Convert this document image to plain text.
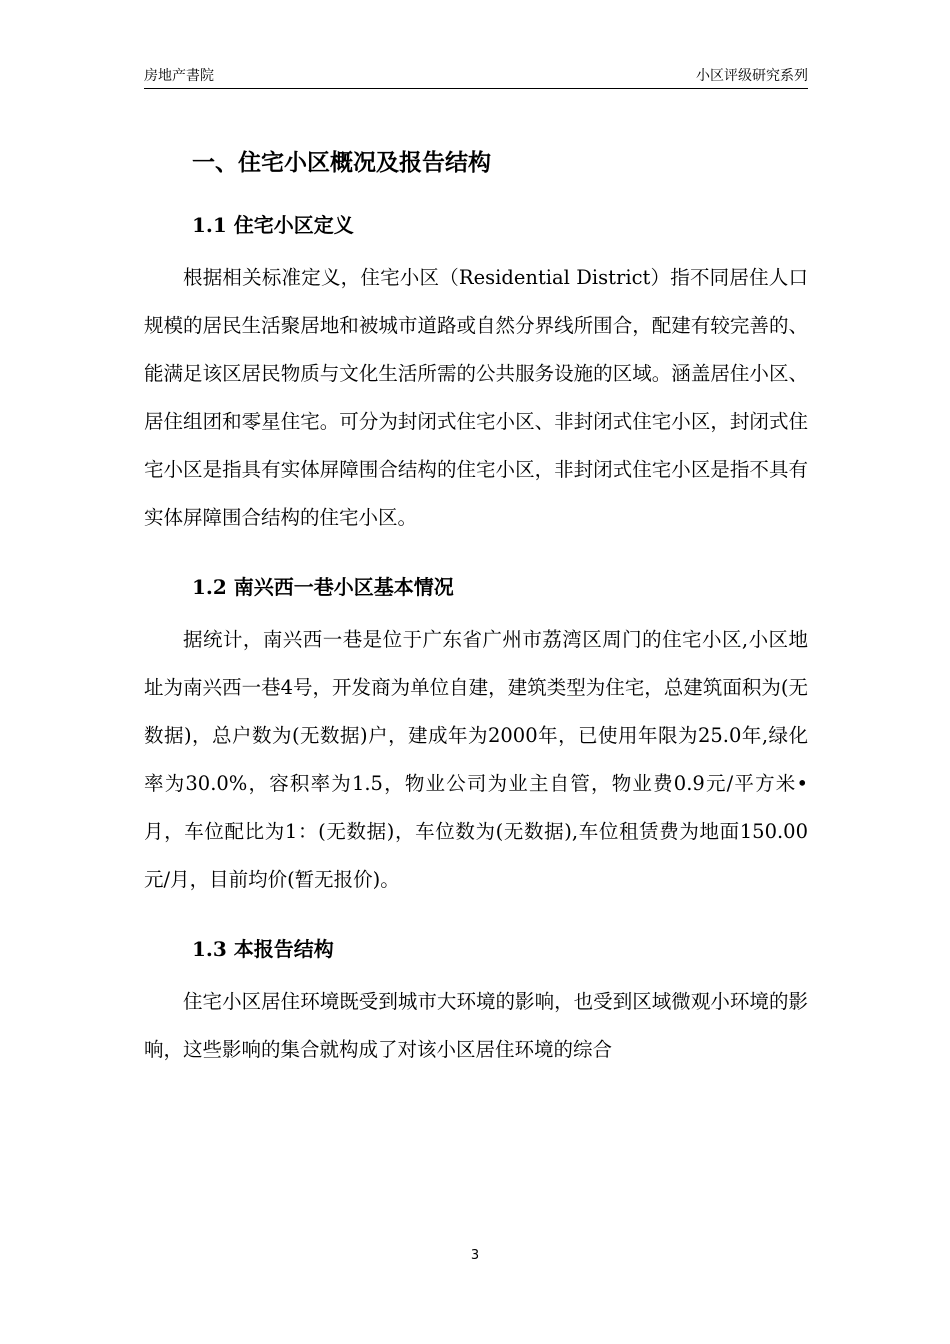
房地产書院	小区评级研究系列
一、住宅小区概况及报告结构
1.1 住宅小区定义

根据相关标准定义，住宅小区（Residential District）指不同居住人口规模的居民生活聚居地和被城市道路或自然分界线所围合，配建有较完善的、能满足该区居民物质与文化生活所需的公共服务设施的区域。涵盖居住小区、居住组团和零星住宅。可分为封闭式住宅小区、非封闭式住宅小区，封闭式住宅小区是指具有实体屏障围合结构的住宅小区，非封闭式住宅小区是指不具有实体屏障围合结构的住宅小区。

1.2 南兴西一巷小区基本情况

据统计，南兴西一巷是位于广东省广州市荔湾区周门的住宅小区,小区地址为南兴西一巷4号，开发商为单位自建，建筑类型为住宅，总建筑面积为(无数据)，总户数为(无数据)户，建成年为2000年，已使用年限为25.0年,绿化率为30.0%，容积率为1.5，物业公司为业主自管，物业费0.9元/平方米•月，车位配比为1：(无数据)，车位数为(无数据),车位租赁费为地面150.00元/月，目前均价(暂无报价)。

1.3 本报告结构

住宅小区居住环境既受到城市大环境的影响，也受到区域微观小环境的影响，这些影响的集合就构成了对该小区居住环境的综合

3
